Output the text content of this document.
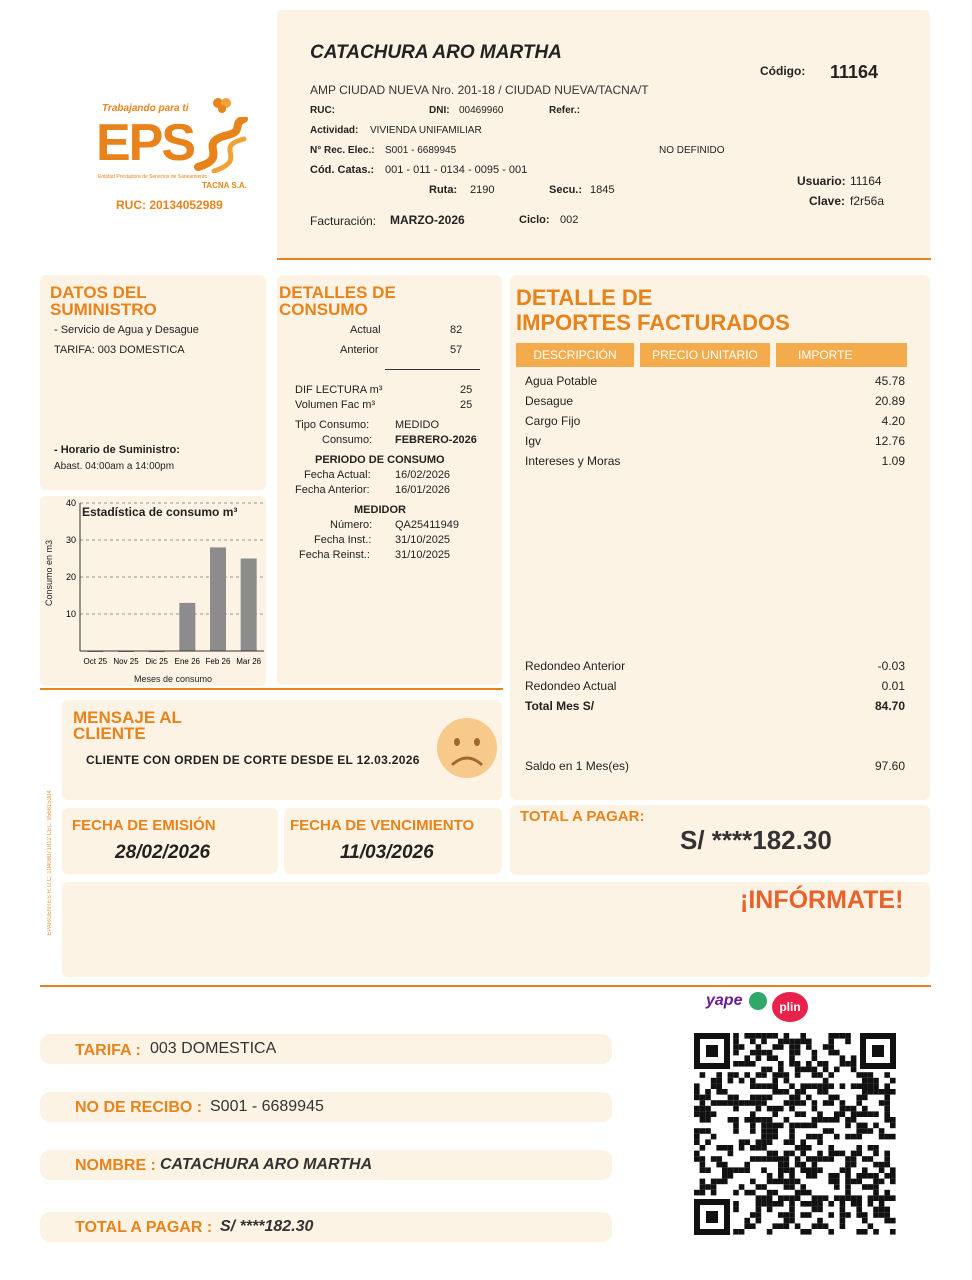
Trabajando para ti
EPS
Entidad Prestadora de Servicios de Saneamiento
TACNA S.A.
RUC: 20134052989
CATACHURA ARO MARTHA
AMP CIUDAD NUEVA Nro. 201-18 / CIUDAD NUEVA/TACNA/T
RUC:	DNI: 00469960	Refer.:
Actividad: VIVIENDA UNIFAMILIAR
N° Rec. Elec.: S001 - 6689945	NO DEFINIDO
Cód. Catas.: 001 - 011 - 0134 - 0095 - 001
Ruta: 2190	Secu.: 1845
Facturación: MARZO-2026	Ciclo: 002
Código: 11164
Usuario: 11164
Clave: f2r56a
DATOS DEL
SUMINISTRO
- Servicio de Agua y Desague
TARIFA: 003 DOMESTICA
- Horario de Suministro:
Abast. 04:00am a 14:00pm
Oct 25 Nov 25 Dic 25 Ene 26 Feb 26 Mar 26
10
20
30
40
Estadística de consumo m³
Meses de consumo
Consumo en m3
DETALLES DE
CONSUMO
Actual	82
Anterior	57
DIF LECTURA m³	25
Volumen Fac m³	25
Tipo Consumo: MEDIDO
Consumo: FEBRERO-2026
PERIODO DE CONSUMO
Fecha Actual: 16/02/2026
Fecha Anterior: 16/01/2026
MEDIDOR
Número: QA25411949
Fecha Inst.: 31/10/2025
Fecha Reinst.: 31/10/2025
DETALLE DE
IMPORTES FACTURADOS
DESCRIPCIÓN	PRECIO UNITARIO	IMPORTE
Agua Potable	45.78
Desague	20.89
Cargo Fijo	4.20
Igv	12.76
Intereses y Moras	1.09
Redondeo Anterior	-0.03
Redondeo Actual	0.01
Total Mes S/	84.70
Saldo en 1 Mes(es)	97.60
MENSAJE AL
CLIENTE
CLIENTE CON ORDEN DE CORTE DESDE EL 12.03.2026
EPARGENTES R.U.C. 10408071812 CEL: 956815304 FECHA DE EMISIÓN
28/02/2026
FECHA DE VENCIMIENTO
11/03/2026
TOTAL A PAGAR:
S/ ****182.30
¡INFÓRMATE!
yape	plin
TARIFA : 003 DOMESTICA
NO DE RECIBO : S001 - 6689945
NOMBRE : CATACHURA ARO MARTHA
TOTAL A PAGAR : S/ ****182.30
